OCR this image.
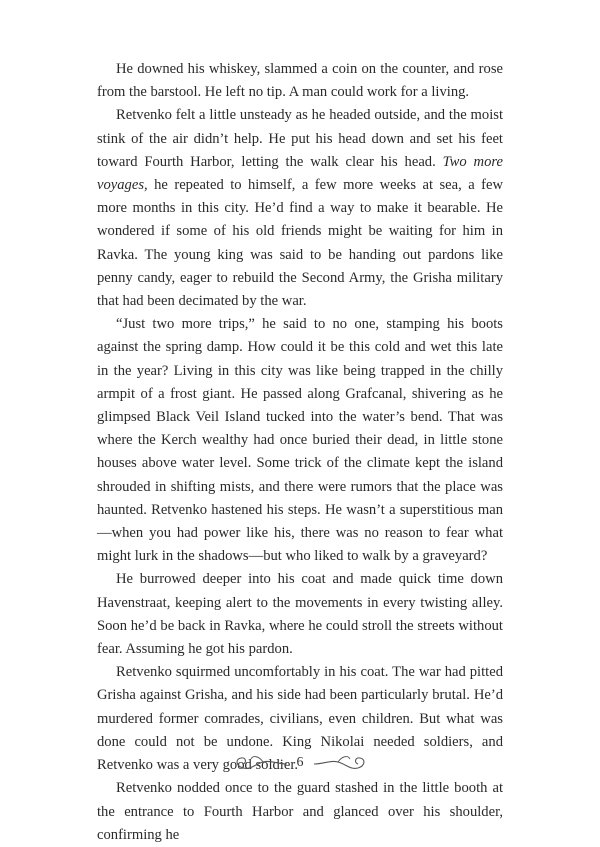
He downed his whiskey, slammed a coin on the counter, and rose from the barstool. He left no tip. A man could work for a living.

Retvenko felt a little unsteady as he headed outside, and the moist stink of the air didn’t help. He put his head down and set his feet toward Fourth Harbor, letting the walk clear his head. Two more voyages, he repeated to himself, a few more weeks at sea, a few more months in this city. He’d find a way to make it bearable. He wondered if some of his old friends might be waiting for him in Ravka. The young king was said to be handing out pardons like penny candy, eager to rebuild the Second Army, the Grisha military that had been decimated by the war.

“Just two more trips,” he said to no one, stamping his boots against the spring damp. How could it be this cold and wet this late in the year? Living in this city was like being trapped in the chilly armpit of a frost giant. He passed along Grafcanal, shivering as he glimpsed Black Veil Island tucked into the water’s bend. That was where the Kerch wealthy had once buried their dead, in little stone houses above water level. Some trick of the climate kept the island shrouded in shifting mists, and there were rumors that the place was haunted. Retvenko hastened his steps. He wasn’t a superstitious man—when you had power like his, there was no reason to fear what might lurk in the shadows—but who liked to walk by a graveyard?

He burrowed deeper into his coat and made quick time down Havenstraat, keeping alert to the movements in every twisting alley. Soon he’d be back in Ravka, where he could stroll the streets without fear. Assuming he got his pardon.

Retvenko squirmed uncomfortably in his coat. The war had pitted Grisha against Grisha, and his side had been particularly brutal. He’d murdered former comrades, civilians, even children. But what was done could not be undone. King Nikolai needed soldiers, and Retvenko was a very good soldier.

Retvenko nodded once to the guard stashed in the little booth at the entrance to Fourth Harbor and glanced over his shoulder, confirming he

6
